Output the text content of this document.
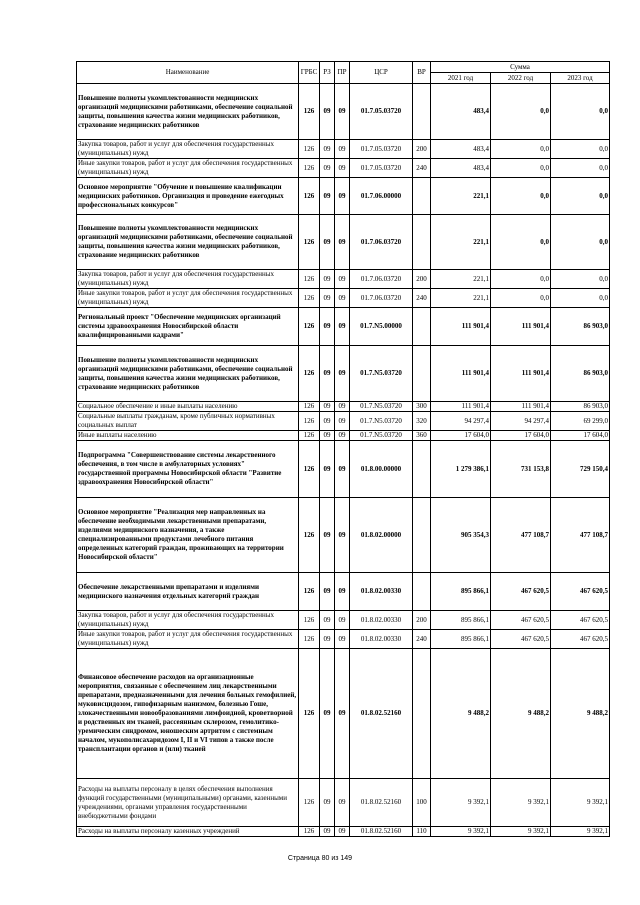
Наименование	ГРБС	РЗ	ПР	ЦСР	ВР	Сумма		
						2021 год	2022 год	2023 год
Повышение полноты укомплектованности медицинских организаций медицинскими работниками, обеспечение социальной защиты, повышения качества жизни медицинских работников, страхование медицинских работников	126	09	09	01.7.05.03720		483,4	0,0	0,0
Закупка товаров, работ и услуг для обеспечения государственных (муниципальных) нужд	126	09	09	01.7.05.03720	200	483,4	0,0	0,0
Иные закупки товаров, работ и услуг для обеспечения государственных (муниципальных) нужд	126	09	09	01.7.05.03720	240	483,4	0,0	0,0
Основное мероприятие "Обучение и повышение квалификации медицинских работников. Организация и проведение ежегодных профессиональных конкурсов"	126	09	09	01.7.06.00000		221,1	0,0	0,0
Повышение полноты укомплектованности медицинских организаций медицинскими работниками, обеспечение социальной защиты, повышения качества жизни медицинских работников, страхование медицинских работников	126	09	09	01.7.06.03720		221,1	0,0	0,0
Закупка товаров, работ и услуг для обеспечения государственных (муниципальных) нужд	126	09	09	01.7.06.03720	200	221,1	0,0	0,0
Иные закупки товаров, работ и услуг для обеспечения государственных (муниципальных) нужд	126	09	09	01.7.06.03720	240	221,1	0,0	0,0
Региональный проект "Обеспечение медицинских организаций системы здравоохранения Новосибирской области квалифицированными кадрами"	126	09	09	01.7.N5.00000		111 901,4	111 901,4	86 903,0
Повышение полноты укомплектованности медицинских организаций медицинскими работниками, обеспечение социальной защиты, повышения качества жизни медицинских работников, страхование медицинских работников	126	09	09	01.7.N5.03720		111 901,4	111 901,4	86 903,0
Социальное обеспечение и иные выплаты населению	126	09	09	01.7.N5.03720	300	111 901,4	111 901,4	86 903,0
Социальные выплаты гражданам, кроме публичных нормативных социальных выплат	126	09	09	01.7.N5.03720	320	94 297,4	94 297,4	69 299,0
Иные выплаты населению	126	09	09	01.7.N5.03720	360	17 604,0	17 604,0	17 604,0
Подпрограмма "Совершенствование системы лекарственного обеспечения, в том числе в амбулаторных условиях" государственной программы Новосибирской области "Развитие здравоохранения Новосибирской области"	126	09	09	01.8.00.00000		1 279 386,1	731 153,8	729 150,4
Основное мероприятие "Реализация мер направленных на обеспечение необходимыми лекарственными препаратами, изделиями медицинского назначения, а также специализированными продуктами лечебного питания определенных категорий граждан, проживающих на территории Новосибирской области"	126	09	09	01.8.02.00000		905 354,3	477 108,7	477 108,7
Обеспечение лекарственными препаратами и изделиями медицинского назначения отдельных категорий граждан	126	09	09	01.8.02.00330		895 866,1	467 620,5	467 620,5
Закупка товаров, работ и услуг для обеспечения государственных (муниципальных) нужд	126	09	09	01.8.02.00330	200	895 866,1	467 620,5	467 620,5
Иные закупки товаров, работ и услуг для обеспечения государственных (муниципальных) нужд	126	09	09	01.8.02.00330	240	895 866,1	467 620,5	467 620,5
Финансовое обеспечение расходов на организационные мероприятия, связанные с обеспечением лиц лекарственными препаратами, предназначенными для лечения больных гемофилией, муковисцидозом, гипофизарным нанизмом, болезнью Гоше, злокачественными новообразованиями лимфоидной, кроветворной и родственных им тканей, рассеянным склерозом, гемолитико-уремическим синдромом, юношеским артритом с системным началом, мукополисахаридозом I, II и VI типов а также после трансплантации органов и (или) тканей	126	09	09	01.8.02.52160		9 488,2	9 488,2	9 488,2
Расходы на выплаты персоналу в целях обеспечения выполнения функций государственными (муниципальными) органами, казенными учреждениями, органами управления государственными внебюджетными фондами	126	09	09	01.8.02.52160	100	9 392,1	9 392,1	9 392,1
Расходы на выплаты персоналу казенных учреждений	126	09	09	01.8.02.52160	110	9 392,1	9 392,1	9 392,1
Страница 80 из 149
